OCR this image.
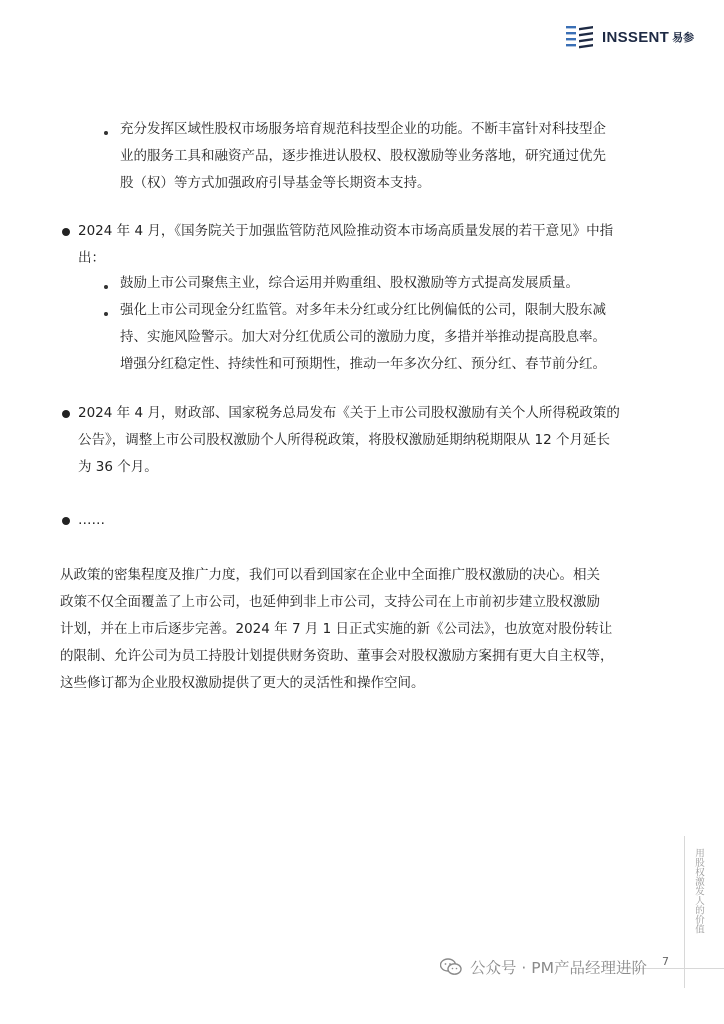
INSSENT 易参
充分发挥区域性股权市场服务培育规范科技型企业的功能。不断丰富针对科技型企
业的服务工具和融资产品，逐步推进认股权、股权激励等业务落地，研究通过优先
股（权）等方式加强政府引导基金等长期资本支持。
2024 年 4 月，《国务院关于加强监管防范风险推动资本市场高质量发展的若干意见》中指
出：
鼓励上市公司聚焦主业，综合运用并购重组、股权激励等方式提高发展质量。
强化上市公司现金分红监管。对多年未分红或分红比例偏低的公司，限制大股东减
持、实施风险警示。加大对分红优质公司的激励力度，多措并举推动提高股息率。
增强分红稳定性、持续性和可预期性，推动一年多次分红、预分红、春节前分红。
2024 年 4 月，财政部、国家税务总局发布《关于上市公司股权激励有关个人所得税政策的
公告》，调整上市公司股权激励个人所得税政策，将股权激励延期纳税期限从 12 个月延长
为 36 个月。
……
从政策的密集程度及推广力度，我们可以看到国家在企业中全面推广股权激励的决心。相关
政策不仅全面覆盖了上市公司，也延伸到非上市公司，支持公司在上市前初步建立股权激励
计划，并在上市后逐步完善。2024 年 7 月 1 日正式实施的新《公司法》，也放宽对股份转让
的限制、允许公司为员工持股计划提供财务资助、董事会对股权激励方案拥有更大自主权等，
这些修订都为企业股权激励提供了更大的灵活性和操作空间。
用股权激发人的价值
7
公众号 · PM产品经理进阶
